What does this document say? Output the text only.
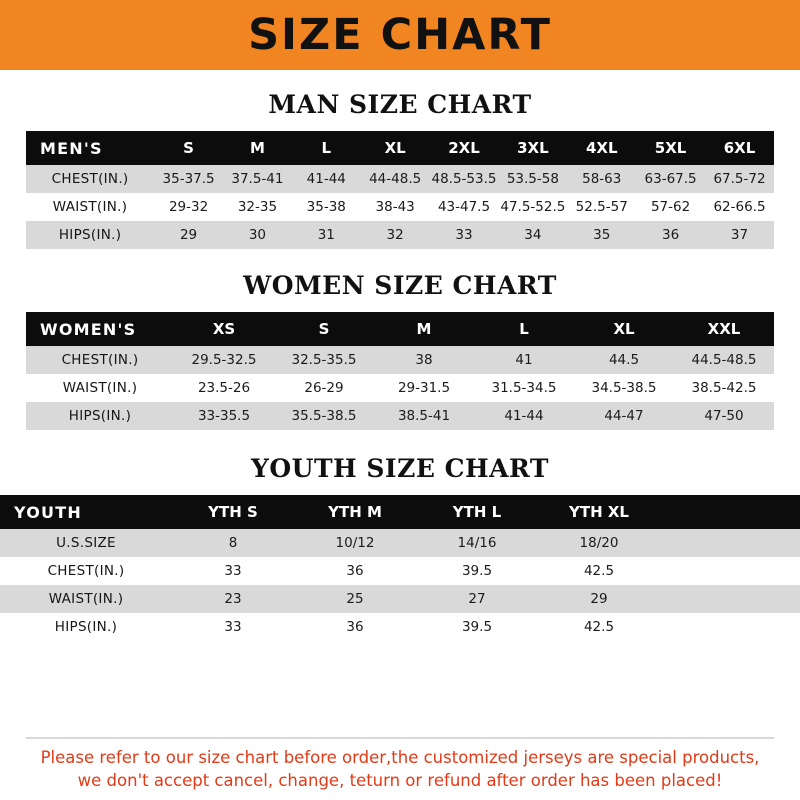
SIZE CHART
MAN SIZE CHART
MEN'S	S	M	L	XL	2XL	3XL	4XL	5XL	6XL
CHEST(IN.)	35-37.5	37.5-41	41-44	44-48.5	48.5-53.5	53.5-58	58-63	63-67.5	67.5-72
WAIST(IN.)	29-32	32-35	35-38	38-43	43-47.5	47.5-52.5	52.5-57	57-62	62-66.5
HIPS(IN.)	29	30	31	32	33	34	35	36	37
WOMEN SIZE CHART
WOMEN'S	XS	S	M	L	XL	XXL
CHEST(IN.)	29.5-32.5	32.5-35.5	38	41	44.5	44.5-48.5
WAIST(IN.)	23.5-26	26-29	29-31.5	31.5-34.5	34.5-38.5	38.5-42.5
HIPS(IN.)	33-35.5	35.5-38.5	38.5-41	41-44	44-47	47-50
YOUTH SIZE CHART
YOUTH	YTH S	YTH M	YTH L	YTH XL	
U.S.SIZE	8	10/12	14/16	18/20	
CHEST(IN.)	33	36	39.5	42.5	
WAIST(IN.)	23	25	27	29	
HIPS(IN.)	33	36	39.5	42.5	

Please refer to our size chart before order,the customized jerseys are special products,

we don't accept cancel, change, teturn or refund after order has been placed!
